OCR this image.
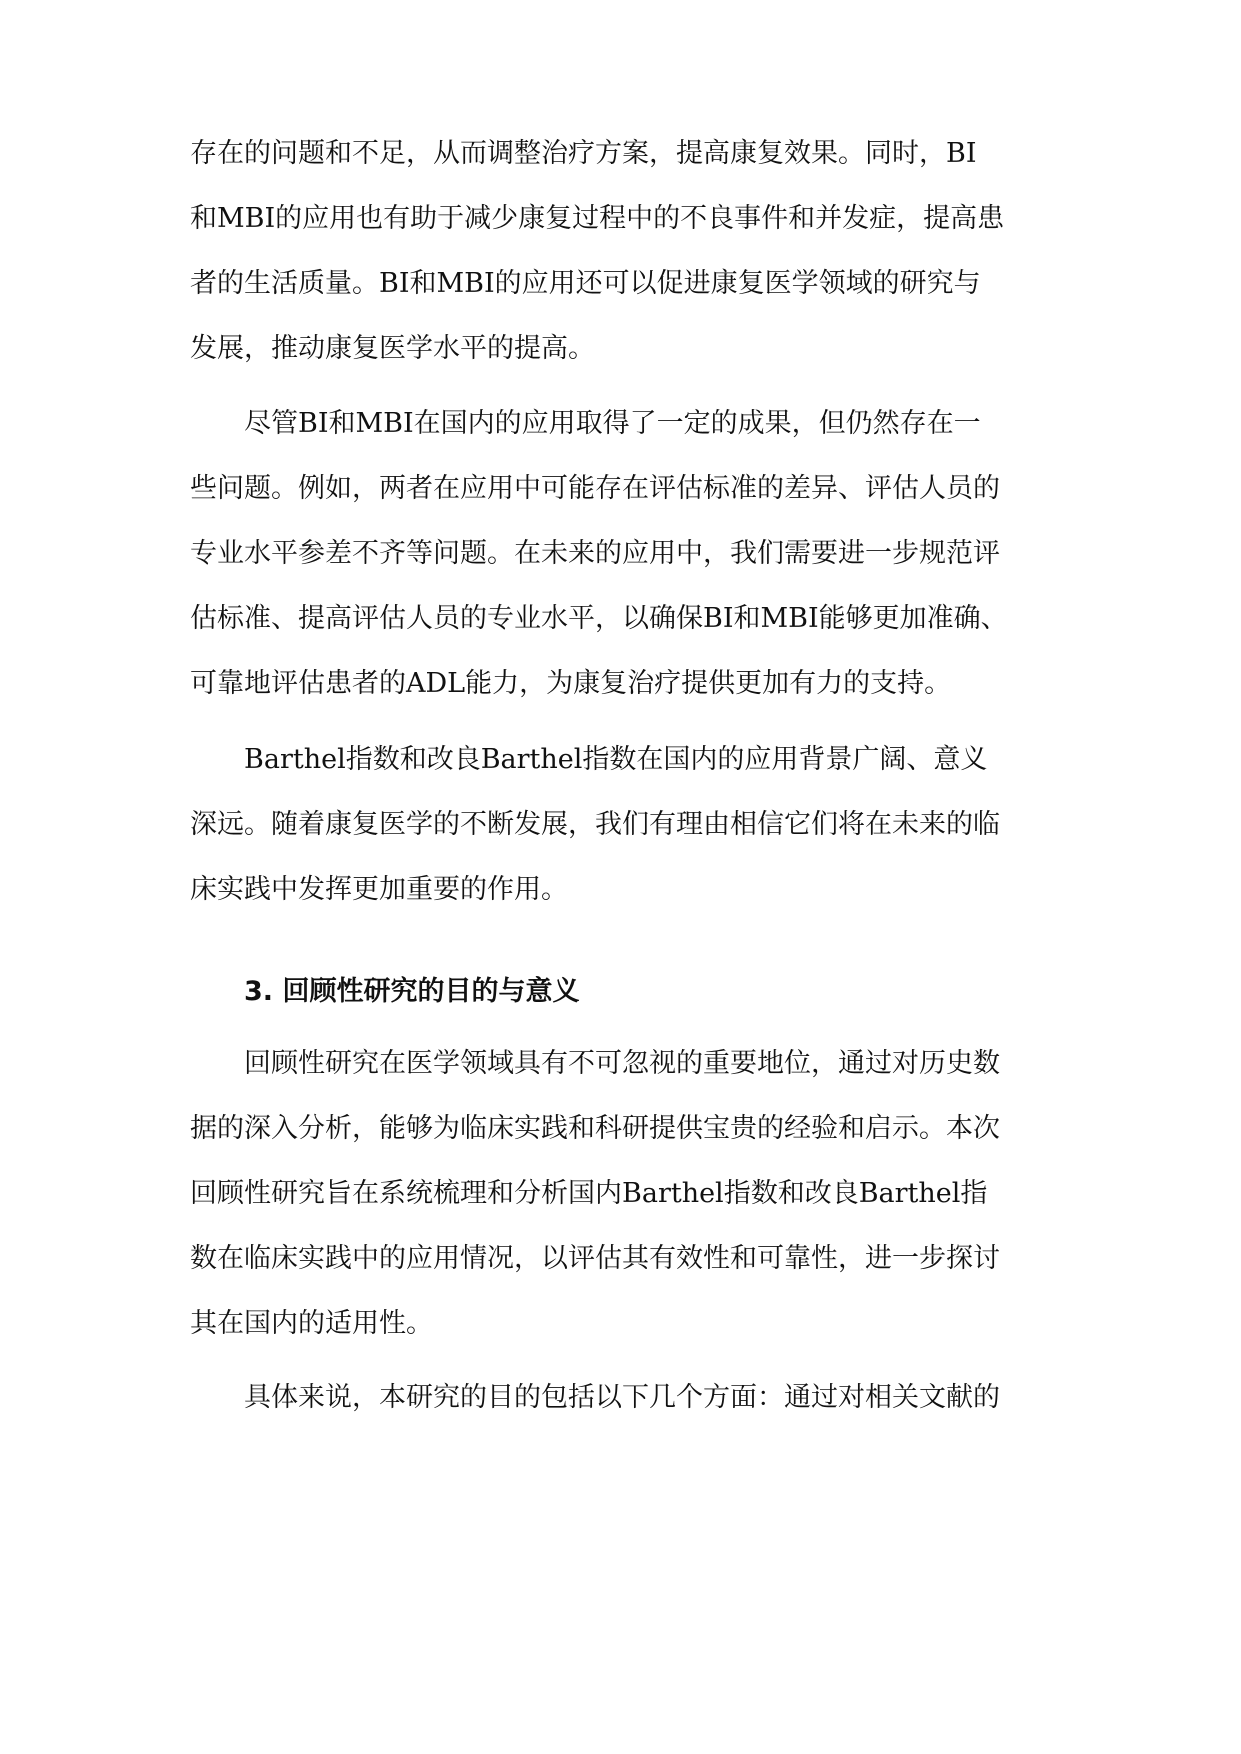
存在的问题和不足，从而调整治疗方案，提高康复效果。同时，BI
和MBI的应用也有助于减少康复过程中的不良事件和并发症，提高患
者的生活质量。BI和MBI的应用还可以促进康复医学领域的研究与
发展，推动康复医学水平的提高。
尽管BI和MBI在国内的应用取得了一定的成果，但仍然存在一
些问题。例如，两者在应用中可能存在评估标准的差异、评估人员的
专业水平参差不齐等问题。在未来的应用中，我们需要进一步规范评
估标准、提高评估人员的专业水平，以确保BI和MBI能够更加准确、
可靠地评估患者的ADL能力，为康复治疗提供更加有力的支持。
Barthel指数和改良Barthel指数在国内的应用背景广阔、意义
深远。随着康复医学的不断发展，我们有理由相信它们将在未来的临
床实践中发挥更加重要的作用。
3. 回顾性研究的目的与意义
回顾性研究在医学领域具有不可忽视的重要地位，通过对历史数
据的深入分析，能够为临床实践和科研提供宝贵的经验和启示。本次
回顾性研究旨在系统梳理和分析国内Barthel指数和改良Barthel指
数在临床实践中的应用情况，以评估其有效性和可靠性，进一步探讨
其在国内的适用性。
具体来说，本研究的目的包括以下几个方面：通过对相关文献的
